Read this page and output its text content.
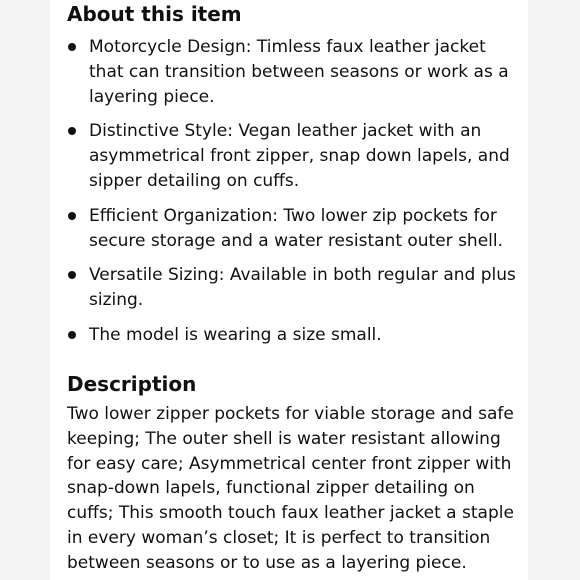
About this item
Motorcycle Design: Timless faux leather jacket that can transition between seasons or work as a layering piece.
Distinctive Style: Vegan leather jacket with an asymmetrical front zipper, snap down lapels, and sipper detailing on cuffs.
Efficient Organization: Two lower zip pockets for secure storage and a water resistant outer shell.
Versatile Sizing: Available in both regular and plus sizing.
The model is wearing a size small.
Description

Two lower zipper pockets for viable storage and safe keeping; The outer shell is water resistant allowing for easy care; Asymmetrical center front zipper with snap-down lapels, functional zipper detailing on cuffs; This smooth touch faux leather jacket a staple in every woman’s closet; It is perfect to transition between seasons or to use as a layering piece.
